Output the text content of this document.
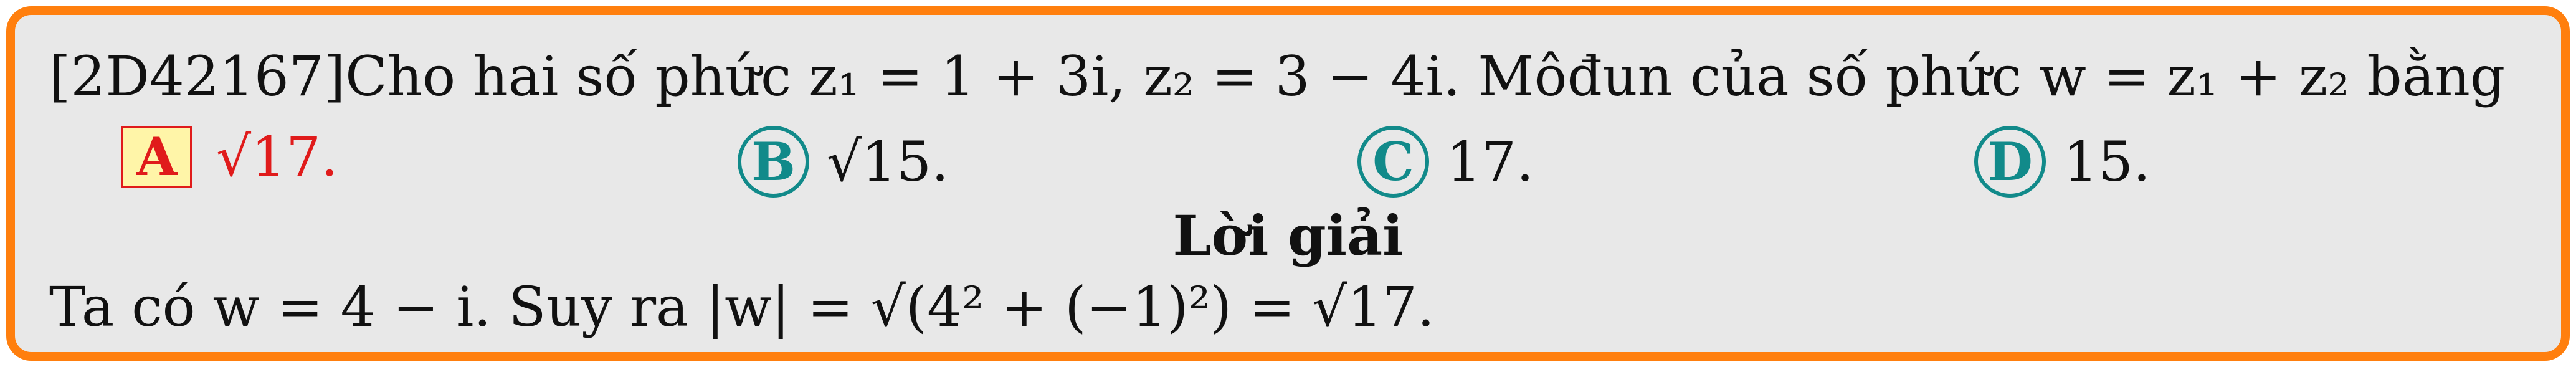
[2D42167]Cho hai số phức z₁ = 1 + 3i, z₂ = 3 − 4i. Môđun của số phức w = z₁ + z₂ bằng
A √17.	B √15.	C 17.	D 15.
Lời giải
Ta có w = 4 − i. Suy ra |w| = √(4² + (−1)²) = √17.
